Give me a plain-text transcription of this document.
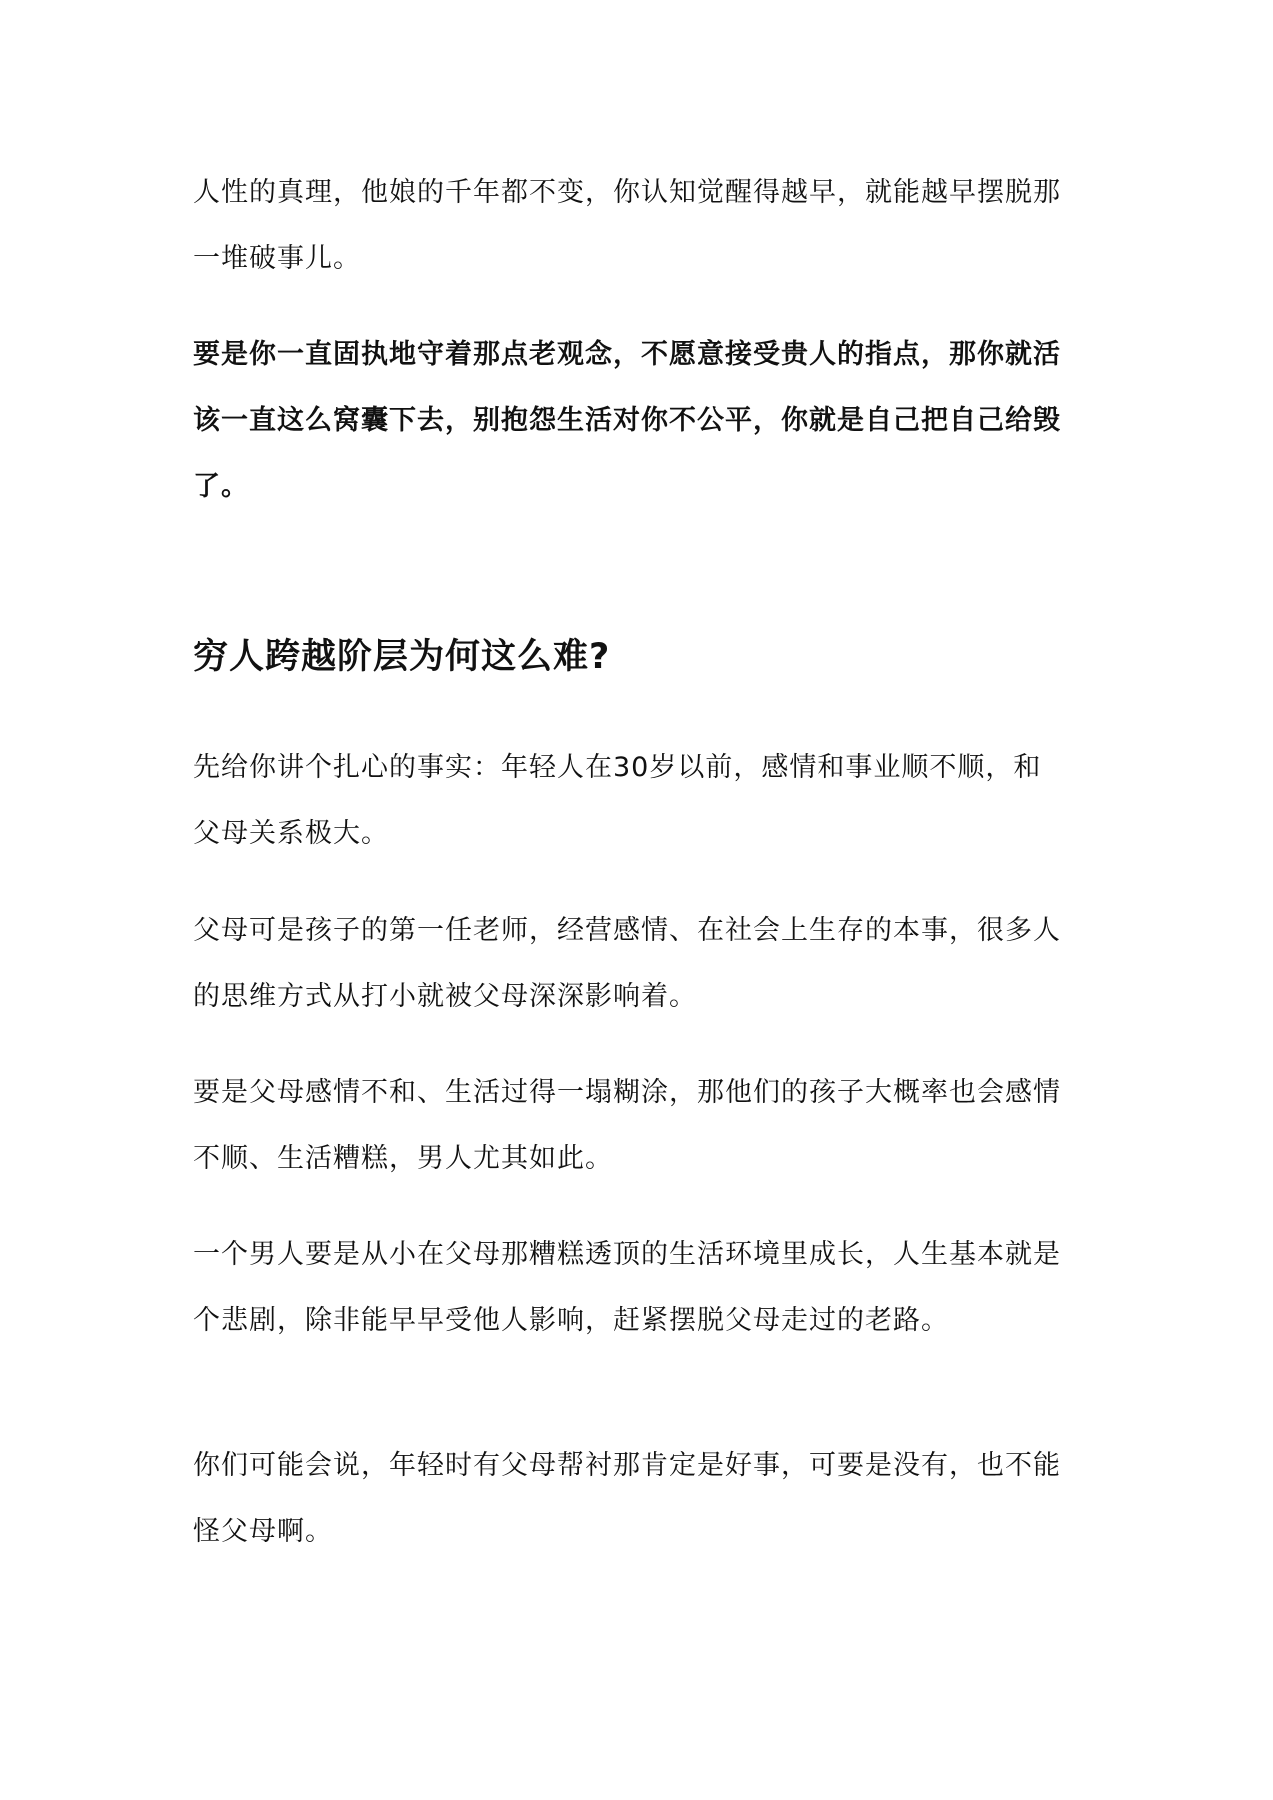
人性的真理，他娘的千年都不变，你认知觉醒得越早，就能越早摆脱那
一堆破事儿。

要是你一直固执地守着那点老观念，不愿意接受贵人的指点，那你就活
该一直这么窝囊下去，别抱怨生活对你不公平，你就是自己把自己给毁
了。

穷人跨越阶层为何这么难?

先给你讲个扎心的事实：年轻人在30岁以前，感情和事业顺不顺，和
父母关系极大。

父母可是孩子的第一任老师，经营感情、在社会上生存的本事，很多人
的思维方式从打小就被父母深深影响着。

要是父母感情不和、生活过得一塌糊涂，那他们的孩子大概率也会感情
不顺、生活糟糕，男人尤其如此。

一个男人要是从小在父母那糟糕透顶的生活环境里成长，人生基本就是
个悲剧，除非能早早受他人影响，赶紧摆脱父母走过的老路。

你们可能会说，年轻时有父母帮衬那肯定是好事，可要是没有，也不能
怪父母啊。
